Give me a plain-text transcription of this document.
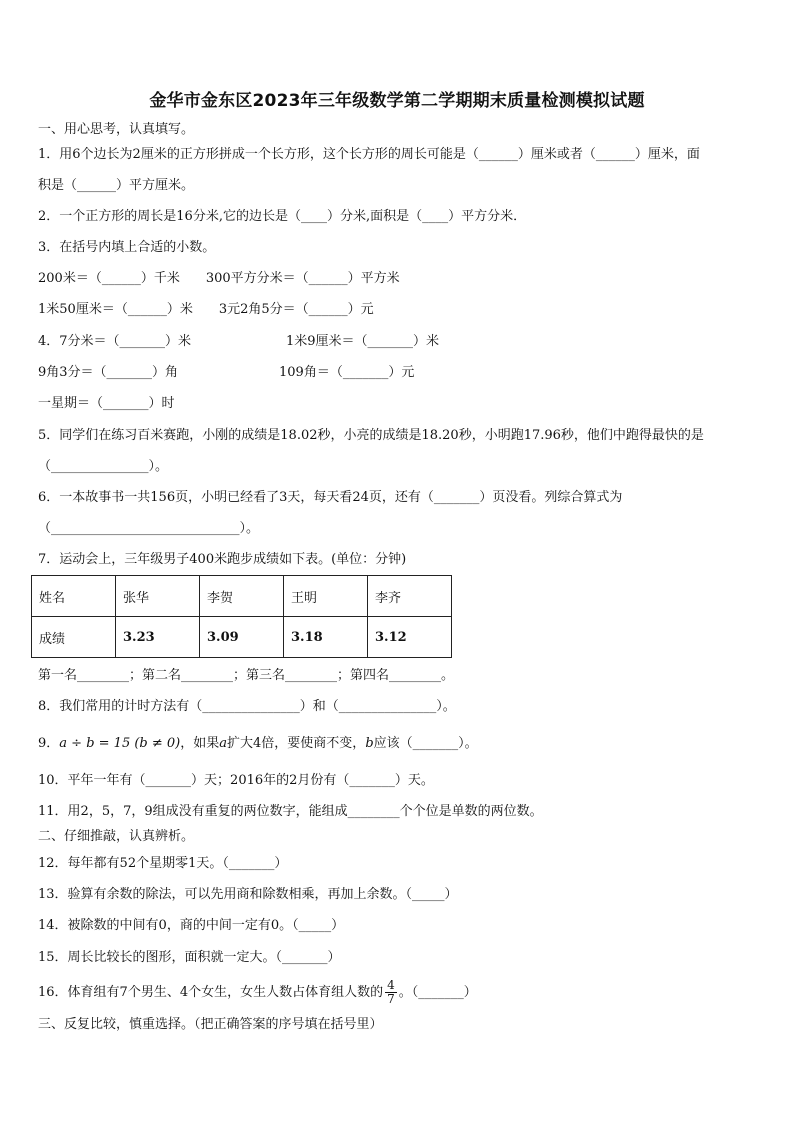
金华市金东区2023年三年级数学第二学期期末质量检测模拟试题
一、用心思考，认真填写。
1．用6个边长为2厘米的正方形拼成一个长方形，这个长方形的周长可能是（______）厘米或者（______）厘米，面
积是（______）平方厘米。
2．一个正方形的周长是16分米,它的边长是（____）分米,面积是（____）平方分米．
3．在括号内填上合适的小数。
200米＝（______）千米 300平方分米＝（______）平方米
1米50厘米＝（______）米 3元2角5分＝（______）元
4．7分米＝（_______）米	1米9厘米＝（_______）米
9角3分＝（_______）角	109角＝（_______）元
一星期＝（_______）时
5．同学们在练习百米赛跑，小刚的成绩是18.02秒，小亮的成绩是18.20秒，小明跑17.96秒，他们中跑得最快的是
（_______________）。
6．一本故事书一共156页，小明已经看了3天，每天看24页，还有（_______）页没看。列综合算式为
（_____________________________）。
7．运动会上，三年级男子400米跑步成绩如下表。(单位：分钟)
姓名	张华	李贺	王明	李齐
成绩	3.23	3.09	3.18	3.12
第一名________；第二名________；第三名________；第四名________。
8．我们常用的计时方法有（_______________）和（_______________）。
9．a ÷ b = 15 (b ≠ 0)，如果a扩大4倍，要使商不变，b应该（_______）。
10．平年一年有（_______）天；2016年的2月份有（_______）天。
11．用2，5，7，9组成没有重复的两位数字，能组成________个个位是单数的两位数。
二、仔细推敲，认真辨析。
12．每年都有52个星期零1天。（_______）
13．验算有余数的除法，可以先用商和除数相乘，再加上余数。（_____）
14．被除数的中间有0，商的中间一定有0。（_____）
15．周长比较长的图形，面积就一定大。（_______）
16．体育组有7个男生、4个女生，女生人数占体育组人数的 $\frac{4}{7}$ 。（_______）
三、反复比较，慎重选择。（把正确答案的序号填在括号里）
